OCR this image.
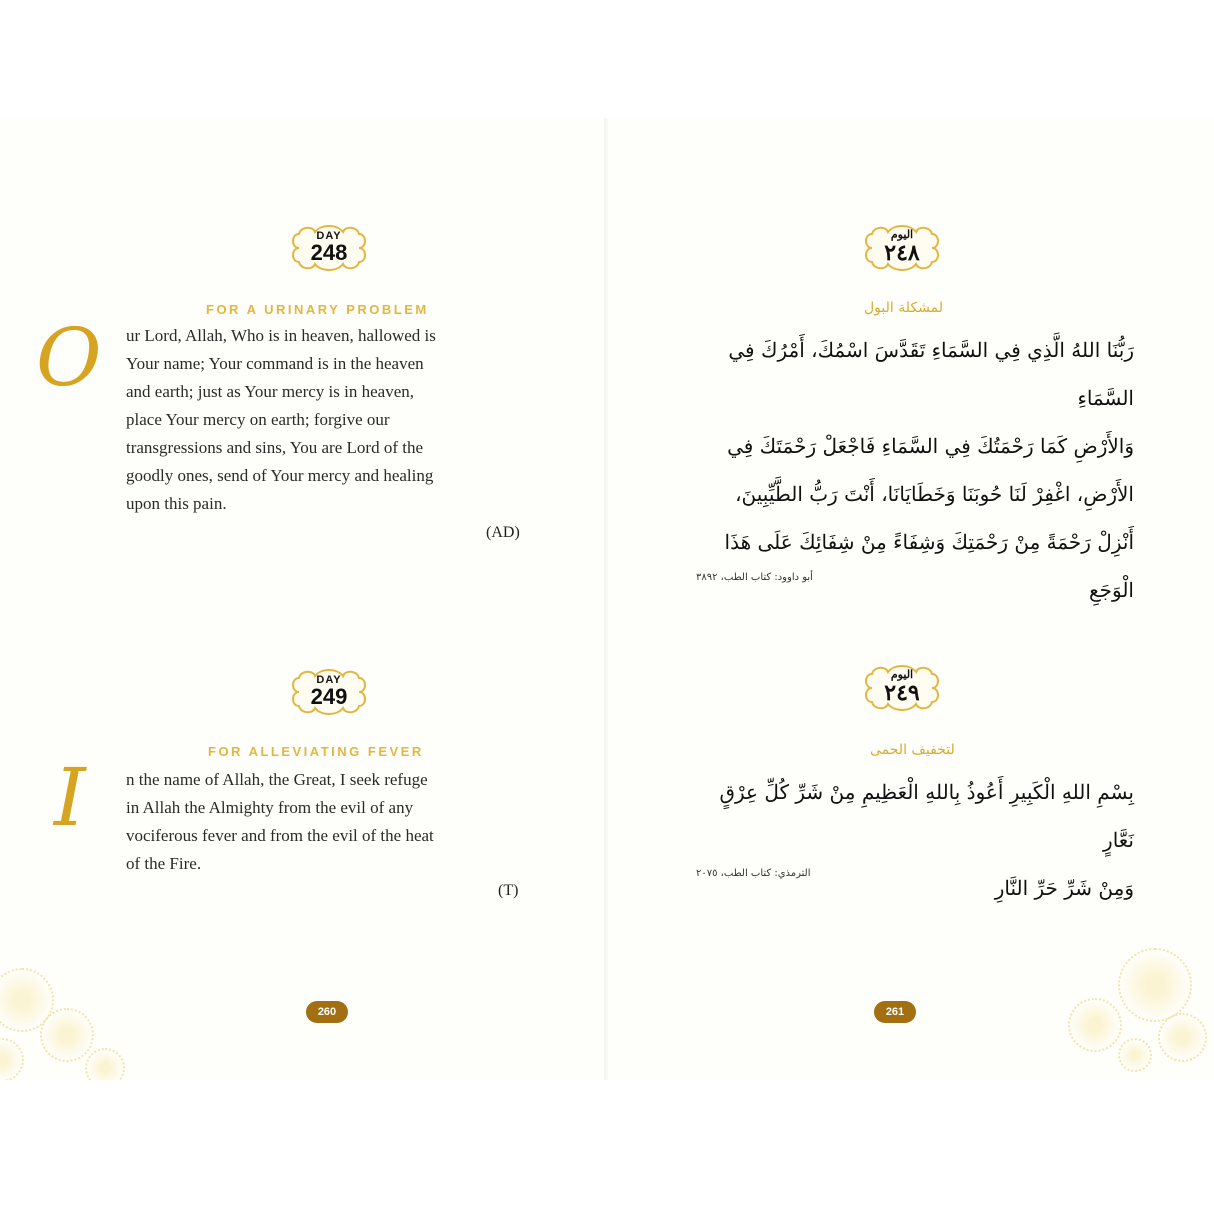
DAY
248
FOR A URINARY PROBLEM
O ur Lord, Allah, Who is in heaven, hallowed is
Your name; Your command is in the heaven
and earth; just as Your mercy is in heaven,
place Your mercy on earth; forgive our
transgressions and sins, You are Lord of the
goodly ones, send of Your mercy and healing
upon this pain.
(AD)
DAY
249
FOR ALLEVIATING FEVER
I n the name of Allah, the Great, I seek refuge
in Allah the Almighty from the evil of any
vociferous fever and from the evil of the heat
of the Fire.
(T)
260
اليوم
٢٤٨
لمشكلة البول
رَبُّنَا اللهُ الَّذِي فِي السَّمَاءِ تَقَدَّسَ اسْمُكَ، أَمْرُكَ فِي السَّمَاءِ
وَالأَرْضِ كَمَا رَحْمَتُكَ فِي السَّمَاءِ فَاجْعَلْ رَحْمَتَكَ فِي
الأَرْضِ، اغْفِرْ لَنَا حُوبَنَا وَخَطَايَانَا، أَنْتَ رَبُّ الطَّيِّبِينَ،
أَنْزِلْ رَحْمَةً مِنْ رَحْمَتِكَ وَشِفَاءً مِنْ شِفَائِكَ عَلَى هَذَا
الْوَجَعِ
أبو داوود: كتاب الطب، ٣٨٩٢
اليوم
٢٤٩
لتخفيف الحمى
بِسْمِ اللهِ الْكَبِيرِ أَعُوذُ بِاللهِ الْعَظِيمِ مِنْ شَرِّ كُلِّ عِرْقٍ نَعَّارٍ
وَمِنْ شَرِّ حَرِّ النَّارِ
الترمذي: كتاب الطب، ٢٠٧٥
261
